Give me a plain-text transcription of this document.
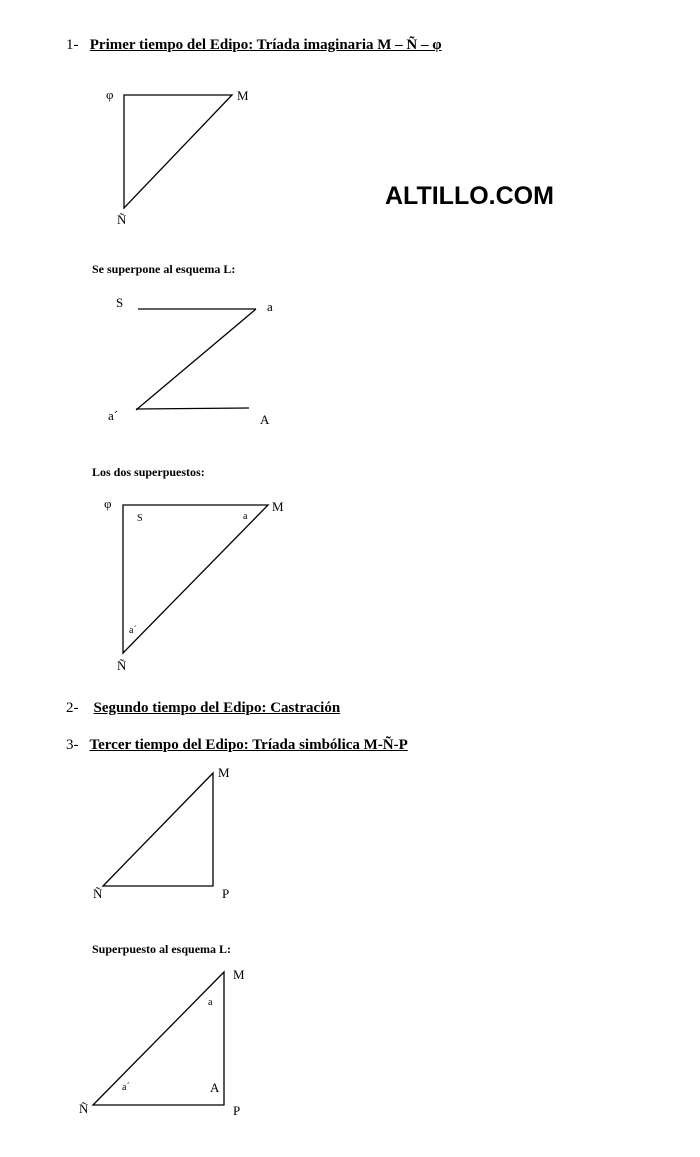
ALTILLO.COM
1- Primer tiempo del Edipo: Tríada imaginaria M – Ñ – φ
φ	M
Ñ
Se superpone al esquema L:
S	a
a´	A
Los dos superpuestos:
φ	M
Ñ
S	a
a´
2- Segundo tiempo del Edipo: Castración
3- Tercer tiempo del Edipo: Tríada simbólica M-Ñ-P
M
Ñ	P
Superpuesto al esquema L:
M
a
a´	A
Ñ	P
